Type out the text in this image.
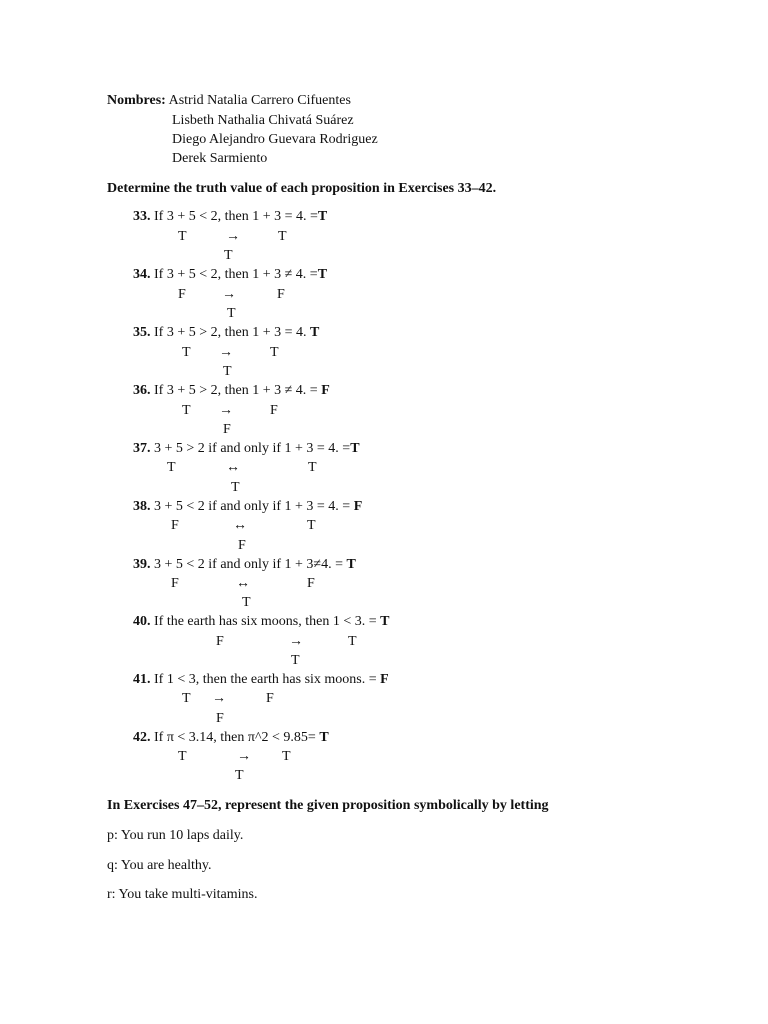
Nombres: Astrid Natalia Carrero Cifuentes
Lisbeth Nathalia Chivatá Suárez
Diego Alejandro Guevara Rodriguez
Derek Sarmiento
Determine the truth value of each proposition in Exercises 33–42.
33. If 3 + 5 < 2, then 1 + 3 = 4. =T
T	→	T
T
34. If 3 + 5 < 2, then 1 + 3 ≠ 4. =T
F	→	F
T
35. If 3 + 5 > 2, then 1 + 3 = 4. T
T →	T
T
36. If 3 + 5 > 2, then 1 + 3 ≠ 4. = F
T →	F
F
37. 3 + 5 > 2 if and only if 1 + 3 = 4. =T
T	↔	T
T
38. 3 + 5 < 2 if and only if 1 + 3 = 4. = F
F	↔	T
F
39. 3 + 5 < 2 if and only if 1 + 3≠4. = T
F	↔	F
T
40. If the earth has six moons, then 1 < 3. = T
F	→	T
T
41. If 1 < 3, then the earth has six moons. = F
T →	F
F
42. If π < 3.14, then π^2 < 9.85= T
T	→ T
T
In Exercises 47–52, represent the given proposition symbolically by letting
p: You run 10 laps daily.
q: You are healthy.
r: You take multi-vitamins.
